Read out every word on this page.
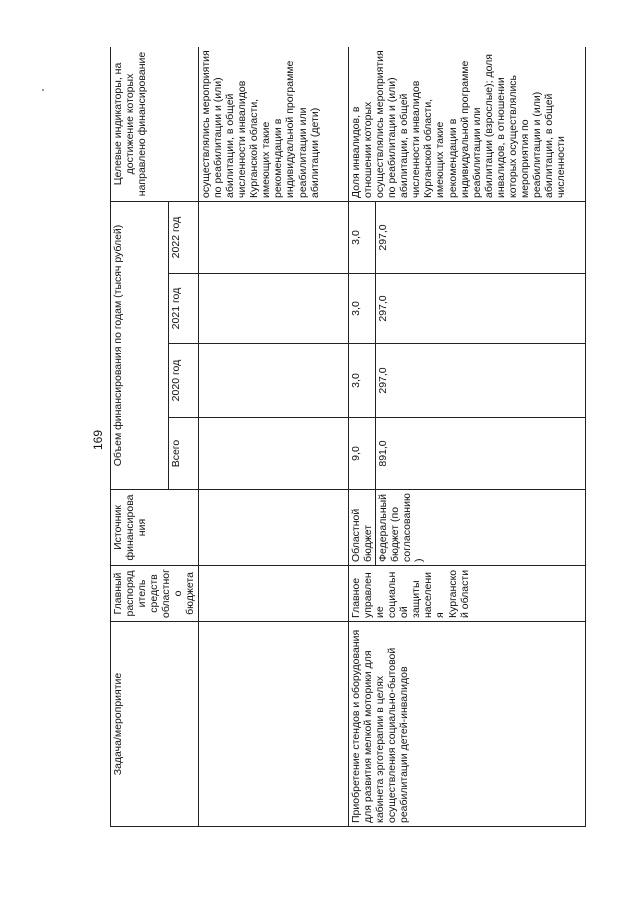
169
Задача/мероприятие	Главный распорядитель средств областного бюджета	Источник финансирования	Объем финансирования по годам (тысяч рублей)				Целевые индикаторы, на достижение которых направлено финансирование
			Всего	2020 год	2021 год	2022 год	
							осуществлялись мероприятия по реабилитации и (или) абилитации, в общей численности инвалидов Курганской области, имеющих такие рекомендации в индивидуальной программе реабилитации или абилитации (дети)
Приобретение стендов и оборудования для развития мелкой моторики для кабинета эрготерапии в целях осуществления социально-бытовой реабилитации детей-инвалидов	Главное управление социальной защиты населения Курганской области	Областной бюджет	9,0	3,0	3,0	3,0	Доля инвалидов, в отношении которых осуществлялись мероприятия по реабилитации и (или) абилитации, в общей численности инвалидов Курганской области, имеющих такие рекомендации в индивидуальной программе реабилитации или абилитации (взрослые); доля инвалидов, в отношении которых осуществлялись мероприятия по реабилитации и (или) абилитации, в общей численности
		Федеральный бюджет (по согласованию)	891,0	297,0	297,0	297,0	
